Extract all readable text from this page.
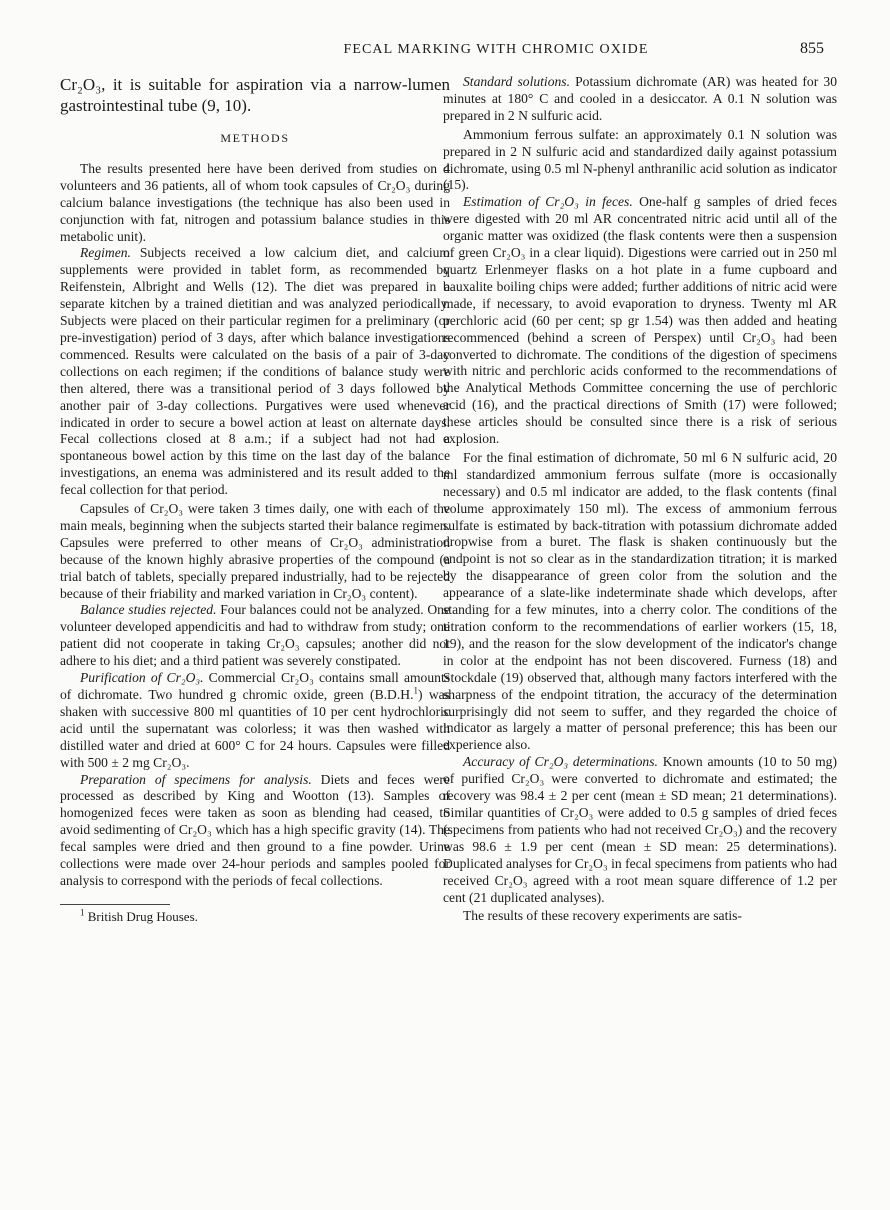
FECAL MARKING WITH CHROMIC OXIDE	855

Cr₂O₃, it is suitable for aspiration via a narrow-lumen gastrointestinal tube (9, 10).

METHODS

The results presented here have been derived from studies on 4 volunteers and 36 patients, all of whom took capsules of Cr₂O₃ during calcium balance investigations (the technique has also been used in conjunction with fat, nitrogen and potassium balance studies in this metabolic unit).

Regimen. Subjects received a low calcium diet, and calcium supplements were provided in tablet form, as recommended by Reifenstein, Albright and Wells (12). The diet was prepared in a separate kitchen by a trained dietitian and was analyzed periodically. Subjects were placed on their particular regimen for a preliminary (or pre-investigation) period of 3 days, after which balance investigations commenced. Results were calculated on the basis of a pair of 3-day collections on each regimen; if the conditions of balance study were then altered, there was a transitional period of 3 days followed by another pair of 3-day collections. Purgatives were used whenever indicated in order to secure a bowel action at least on alternate days. Fecal collections closed at 8 a.m.; if a subject had not had a spontaneous bowel action by this time on the last day of the balance investigations, an enema was administered and its result added to the fecal collection for that period.

Capsules of Cr₂O₃ were taken 3 times daily, one with each of the main meals, beginning when the subjects started their balance regimen. Capsules were preferred to other means of Cr₂O₃ administration because of the known highly abrasive properties of the compound (a trial batch of tablets, specially prepared industrially, had to be rejected because of their friability and marked variation in Cr₂O₃ content).

Balance studies rejected. Four balances could not be analyzed. One volunteer developed appendicitis and had to withdraw from study; one patient did not cooperate in taking Cr₂O₃ capsules; another did not adhere to his diet; and a third patient was severely constipated.

Purification of Cr₂O₃. Commercial Cr₂O₃ contains small amounts of dichromate. Two hundred g chromic oxide, green (B.D.H.$^1$) was shaken with successive 800 ml quantities of 10 per cent hydrochloric acid until the supernatant was colorless; it was then washed with distilled water and dried at 600° C for 24 hours. Capsules were filled with 500 ± 2 mg Cr₂O₃.

Preparation of specimens for analysis. Diets and feces were processed as described by King and Wootton (13). Samples of homogenized feces were taken as soon as blending had ceased, to avoid sedimenting of Cr₂O₃ which has a high specific gravity (14). The fecal samples were dried and then ground to a fine powder. Urine collections were made over 24-hour periods and samples pooled for analysis to correspond with the periods of fecal collections.

$^1$ British Drug Houses.

Standard solutions. Potassium dichromate (AR) was heated for 30 minutes at 180° C and cooled in a desiccator. A 0.1 N solution was prepared in 2 N sulfuric acid.

Ammonium ferrous sulfate: an approximately 0.1 N solution was prepared in 2 N sulfuric acid and standardized daily against potassium dichromate, using 0.5 ml N-phenyl anthranilic acid solution as indicator (15).

Estimation of Cr₂O₃ in feces. One-half g samples of dried feces were digested with 20 ml AR concentrated nitric acid until all of the organic matter was oxidized (the flask contents were then a suspension of green Cr₂O₃ in a clear liquid). Digestions were carried out in 250 ml quartz Erlenmeyer flasks on a hot plate in a fume cupboard and bauxalite boiling chips were added; further additions of nitric acid were made, if necessary, to avoid evaporation to dryness. Twenty ml AR perchloric acid (60 per cent; sp gr 1.54) was then added and heating recommenced (behind a screen of Perspex) until Cr₂O₃ had been converted to dichromate. The conditions of the digestion of specimens with nitric and perchloric acids conformed to the recommendations of the Analytical Methods Committee concerning the use of perchloric acid (16), and the practical directions of Smith (17) were followed; these articles should be consulted since there is a risk of serious explosion.

For the final estimation of dichromate, 50 ml 6 N sulfuric acid, 20 ml standardized ammonium ferrous sulfate (more is occasionally necessary) and 0.5 ml indicator are added, to the flask contents (final volume approximately 150 ml). The excess of ammonium ferrous sulfate is estimated by back-titration with potassium dichromate added dropwise from a buret. The flask is shaken continuously but the endpoint is not so clear as in the standardization titration; it is marked by the disappearance of green color from the solution and the appearance of a slate-like indeterminate shade which develops, after standing for a few minutes, into a cherry color. The conditions of the titration conform to the recommendations of earlier workers (15, 18, 19), and the reason for the slow development of the indicator's change in color at the endpoint has not been discovered. Furness (18) and Stockdale (19) observed that, although many factors interfered with the sharpness of the endpoint titration, the accuracy of the determination surprisingly did not seem to suffer, and they regarded the choice of indicator as largely a matter of personal preference; this has been our experience also.

Accuracy of Cr₂O₃ determinations. Known amounts (10 to 50 mg) of purified Cr₂O₃ were converted to dichromate and estimated; the recovery was 98.4 ± 2 per cent (mean ± SD mean; 21 determinations). Similar quantities of Cr₂O₃ were added to 0.5 g samples of dried feces (specimens from patients who had not received Cr₂O₃) and the recovery was 98.6 ± 1.9 per cent (mean ± SD mean: 25 determinations). Duplicated analyses for Cr₂O₃ in fecal specimens from patients who had received Cr₂O₃ agreed with a root mean square difference of 1.2 per cent (21 duplicated analyses).

The results of these recovery experiments are satis-
